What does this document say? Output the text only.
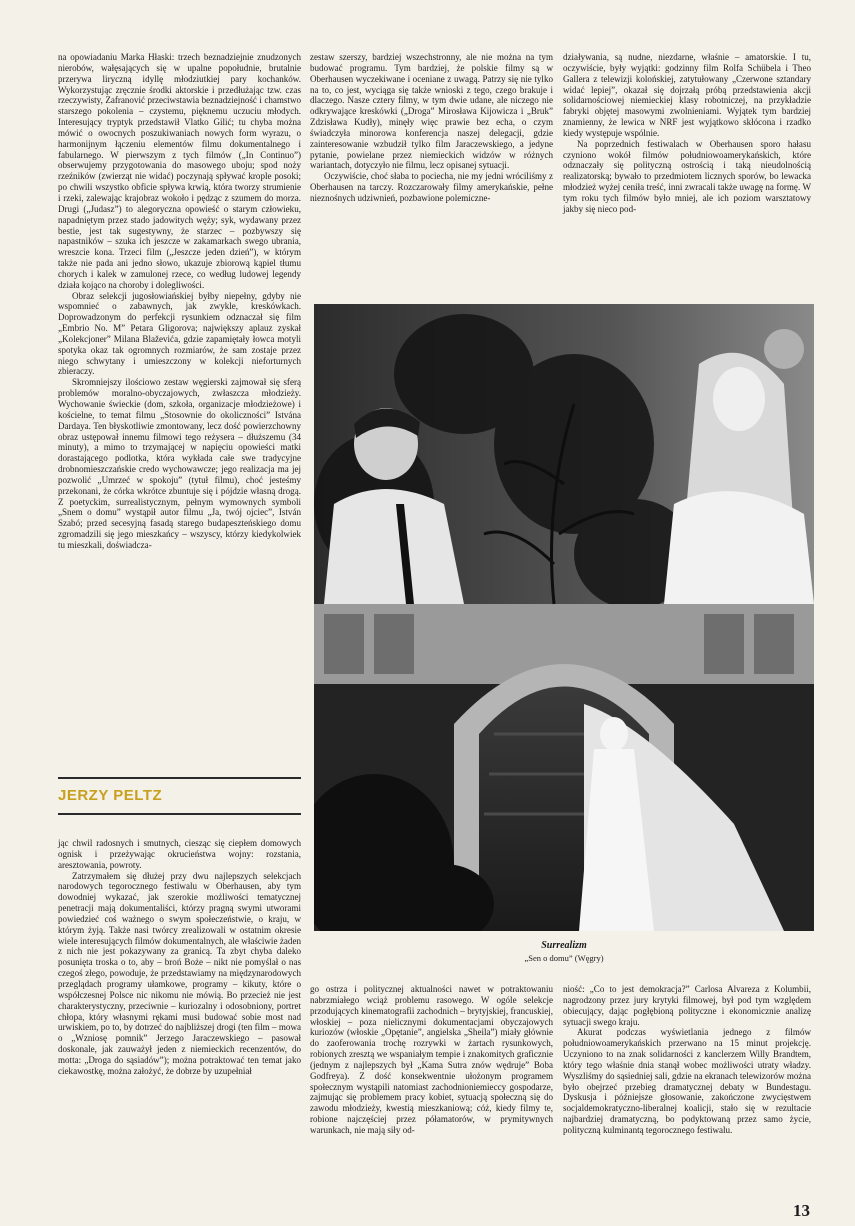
na opowiadaniu Marka Hłaski: trzech beznadziejnie znudzonych nierobów, wałęsających się w upalne popołudnie, brutalnie przerywa liryczną idyllę młodziutkiej pary kochanków. Wykorzystując zręcznie środki aktorskie i przedłużając tzw. czas rzeczywisty, Zafranović przeciwstawia beznadziejność i chamstwo starszego pokolenia – czystemu, pięknemu uczuciu młodych. Interesujący tryptyk przedstawił Vlatko Gilić; tu chyba można mówić o owocnych poszukiwaniach nowych form wyrazu, o harmonijnym łączeniu elementów filmu dokumentalnego i fabularnego. W pierwszym z tych filmów („In Continuo”) obserwujemy przygotowania do masowego uboju; spod noży rzeźników (zwierząt nie widać) poczynają spływać krople posoki; po chwili wszystko obficie spływa krwią, która tworzy strumienie i rzeki, zalewając krajobraz wokoło i pędząc z szumem do morza. Drugi („Judasz”) to alegoryczna opowieść o starym człowieku, napadniętym przez stado jadowitych węży; syk, wydawany przez bestie, jest tak sugestywny, że starzec – pozbywszy się napastników – szuka ich jeszcze w zakamarkach swego ubrania, wreszcie kona. Trzeci film („Jeszcze jeden dzień”), w którym także nie pada ani jedno słowo, ukazuje zbiorową kąpiel tłumu chorych i kalek w zamulonej rzece, co według ludowej legendy działa kojąco na choroby i dolegliwości.

Obraz selekcji jugosłowiańskiej byłby niepełny, gdyby nie wspomnieć o zabawnych, jak zwykle, kreskówkach. Doprowadzonym do perfekcji rysunkiem odznaczał się film „Embrio No. M” Petara Gligorova; największy aplauz zyskał „Kolekcjoner” Milana Blaževića, gdzie zapamiętały łowca motyli spotyka okaz tak ogromnych rozmiarów, że sam zostaje przez niego schwytany i umieszczony w kolekcji nieforturnych zbieraczy.

Skromniejszy ilościowo zestaw węgierski zajmował się sferą problemów moralno-obyczajowych, zwłaszcza młodzieży. Wychowanie świeckie (dom, szkoła, organizacje młodzieżowe) i kościelne, to temat filmu „Stosownie do okoliczności” Istvána Dardaya. Ten błyskotliwie zmontowany, lecz dość powierzchowny obraz ustępował innemu filmowi tego reżysera – dłuższemu (34 minuty), a mimo to trzymającej w napięciu opowieści matki dorastającego podlotka, która wykłada całe swe tradycyjne drobnomieszczańskie credo wychowawcze; jego realizacja ma jej pozwolić „Umrzeć w spokoju” (tytuł filmu), choć jesteśmy przekonani, że córka wkrótce zbuntuje się i pójdzie własną drogą. Z poetyckim, surrealistycznym, pełnym wymownych symboli „Snem o domu” wystąpił autor filmu „Ja, twój ojciec”, István Szabó; przed secesyjną fasadą starego budapeszteńskiego domu zgromadzili się jego mieszkańcy – wszyscy, którzy kiedykolwiek tu mieszkali, doświadcza-

JERZY PELTZ

jąc chwil radosnych i smutnych, ciesząc się ciepłem domowych ognisk i przeżywając okrucieństwa wojny: rozstania, aresztowania, powroty.

Zatrzymałem się dłużej przy dwu najlepszych selekcjach narodowych tegorocznego festiwalu w Oberhausen, aby tym dowodniej wykazać, jak szerokie możliwości tematycznej penetracji mają dokumentaliści, którzy pragną swymi utworami powiedzieć coś ważnego o swym społeczeństwie, o kraju, w którym żyją. Także nasi twórcy zrealizowali w ostatnim okresie wiele interesujących filmów dokumentalnych, ale właściwie żaden z nich nie jest pokazywany za granicą. Ta zbyt chyba daleko posunięta troska o to, aby – broń Boże – nikt nie pomyślał o nas czegoś złego, powoduje, że przedstawiamy na międzynarodowych przeglądach programy ułamkowe, programy – kikuty, które o współczesnej Polsce nic nikomu nie mówią. Bo przecież nie jest charakterystyczny, przeciwnie – kuriozalny i odosobniony, portret chłopa, który własnymi rękami musi budować sobie most nad urwiskiem, po to, by dotrzeć do najbliższej drogi (ten film – mowa o „Wzniosę pomnik” Jerzego Jaraczewskiego – pasował doskonale, jak zauważył jeden z niemieckich recenzentów, do motta: „Droga do sąsiadów”); można potraktować ten temat jako ciekawostkę, można założyć, że dobrze by uzupełniał

zestaw szerszy, bardziej wszechstronny, ale nie można na tym budować programu. Tym bardziej, że polskie filmy są w Oberhausen wyczekiwane i oceniane z uwagą. Patrzy się nie tylko na to, co jest, wyciąga się także wnioski z tego, czego brakuje i dlaczego. Nasze cztery filmy, w tym dwie udane, ale niczego nie odkrywające kreskówki („Droga” Mirosława Kijowicza i „Bruk” Zdzisława Kudły), minęły więc prawie bez echa, o czym świadczyła minorowa konferencja naszej delegacji, gdzie zainteresowanie wzbudził tylko film Jaraczewskiego, a jedyne pytanie, powielane przez niemieckich widzów w różnych wariantach, dotyczyło nie filmu, lecz opisanej sytuacji.

Oczywiście, choć słaba to pociecha, nie my jedni wróciliśmy z Oberhausen na tarczy. Rozczarowały filmy amerykańskie, pełne nieznośnych udziwnień, pozbawione polemiczne-

działywania, są nudne, niezdarne, właśnie – amatorskie. I tu, oczywiście, były wyjątki: godzinny film Rolfa Schübela i Theo Gallera z telewizji kolońskiej, zatytułowany „Czerwone sztandary widać lepiej”, okazał się dojrzałą próbą przedstawienia akcji solidarnościowej niemieckiej klasy robotniczej, na przykładzie fabryki objętej masowymi zwolnieniami. Wyjątek tym bardziej znamienny, że lewica w NRF jest wyjątkowo skłócona i rzadko kiedy występuje wspólnie.

Na poprzednich festiwalach w Oberhausen sporo hałasu czyniono wokół filmów południowoamerykańskich, które odznaczały się polityczną ostrością i taką nieudolnością realizatorską; bywało to przedmiotem licznych sporów, bo lewacka młodzież wyżej ceniła treść, inni zwracali także uwagę na formę. W tym roku tych filmów było mniej, ale ich poziom warsztatowy jakby się nieco pod-

Surrealizm
„Sen o domu” (Węgry)

go ostrza i politycznej aktualności nawet w potraktowaniu nabrzmiałego wciąż problemu rasowego. W ogóle selekcje przodujących kinematografii zachodnich – brytyjskiej, francuskiej, włoskiej – poza nielicznymi dokumentacjami obyczajowych kuriozów (włoskie „Opętanie”, angielska „Sheila”) miały głównie do zaoferowania trochę rozrywki w żartach rysunkowych, robionych zresztą we wspaniałym tempie i znakomitych graficznie (jednym z najlepszych był „Kama Sutra znów wędruje” Boba Godfreya). Z dość konsekwentnie ułożonym programem społecznym wystąpili natomiast zachodnioniemieccy gospodarze, zajmując się problemem pracy kobiet, sytuacją społeczną się do zawodu młodzieży, kwestią mieszkaniową; cóż, kiedy filmy te, robione najczęściej przez półamatorów, w prymitywnych warunkach, nie mają siły od-

niość: „Co to jest demokracja?” Carlosa Alvareza z Kolumbii, nagrodzony przez jury krytyki filmowej, był pod tym względem obiecujący, dając pogłębioną polityczne i ekonomicznie analizę sytuacji swego kraju.

Akurat podczas wyświetlania jednego z filmów południowoamerykańskich przerwano na 15 minut projekcję. Uczyniono to na znak solidarności z kanclerzem Willy Brandtem, który tego właśnie dnia stanął wobec możliwości utraty władzy. Wyszliśmy do sąsiedniej sali, gdzie na ekranach telewizorów można było obejrzeć przebieg dramatycznej debaty w Bundestagu. Dyskusja i późniejsze głosowanie, zakończone zwycięstwem socjaldemokratyczno-liberalnej koalicji, stało się w rezultacie najbardziej dramatyczną, bo podyktowaną przez samo życie, polityczną kulminantą tegorocznego festiwalu.

13
